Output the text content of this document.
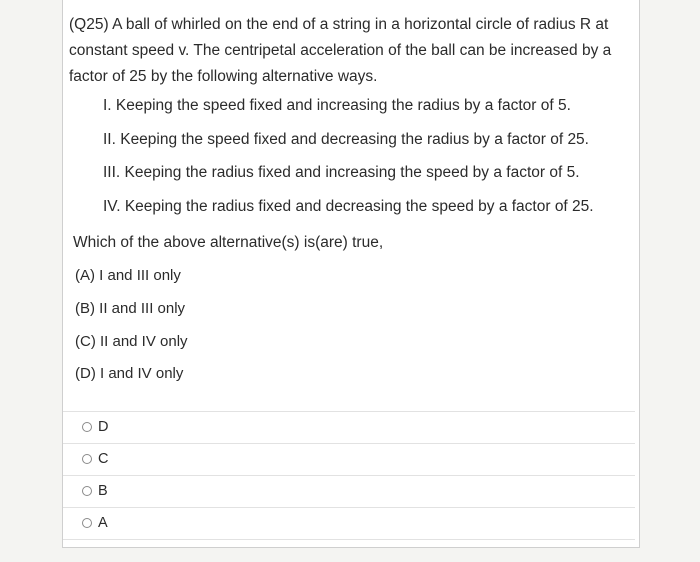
(Q25) A ball of whirled on the end of a string in a horizontal circle of radius R at constant speed v. The centripetal acceleration of the ball can be increased by a factor of 25 by the following alternative ways.
I. Keeping the speed fixed and increasing the radius by a factor of 5.
II. Keeping the speed fixed and decreasing the radius by a factor of 25.
III. Keeping the radius fixed and increasing the speed by a factor of 5.
IV. Keeping the radius fixed and decreasing the speed by a factor of 25.
Which of the above alternative(s) is(are) true,
(A) I and III only
(B) II and III only
(C) II and IV only
(D) I and IV only
D
C
B
A
